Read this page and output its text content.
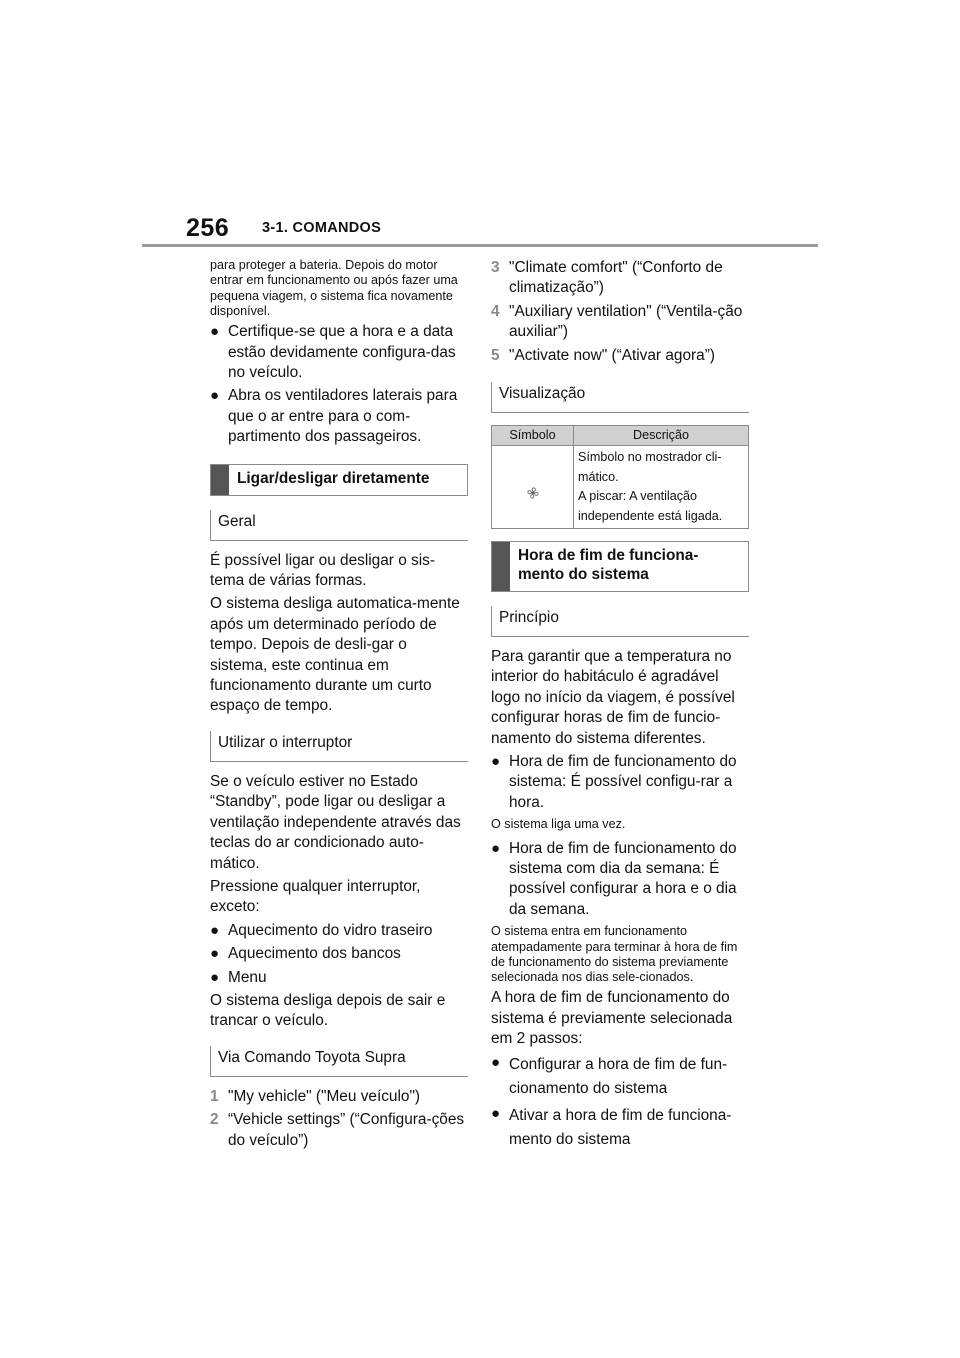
256 3-1. COMANDOS

para proteger a bateria. Depois do motor entrar em funcionamento ou após fazer uma pequena viagem, o sistema fica novamente disponível.

● Certifique-se que a hora e a data estão devidamente configura-das no veículo.
● Abra os ventiladores laterais para que o ar entre para o com-partimento dos passageiros.
Ligar/desligar diretamente
Geral

É possível ligar ou desligar o sis-tema de várias formas.

O sistema desliga automatica-mente após um determinado período de tempo. Depois de desli-gar o sistema, este continua em funcionamento durante um curto espaço de tempo.

Utilizar o interruptor

Se o veículo estiver no Estado “Standby”, pode ligar ou desligar a ventilação independente através das teclas do ar condicionado auto-mático.

Pressione qualquer interruptor, exceto:

● Aquecimento do vidro traseiro
● Aquecimento dos bancos
● Menu

O sistema desliga depois de sair e trancar o veículo.

Via Comando Toyota Supra
1 "My vehicle" ("Meu veículo")
2 “Vehicle settings” (“Configura-ções do veículo”)
3 "Climate comfort" (“Conforto de climatização”)
4 "Auxiliary ventilation" (“Ventila-ção auxiliar”)
5 "Activate now" (“Ativar agora”)
Visualização
Símbolo	Descrição

Símbolo no mostrador cli-mático.
A piscar: A ventilação independente está ligada.
Hora de fim de funciona-mento do sistema
Princípio

Para garantir que a temperatura no interior do habitáculo é agradável logo no início da viagem, é possível configurar horas de fim de funcio-namento do sistema diferentes.

● Hora de fim de funcionamento do sistema: É possível configu-rar a hora.

O sistema liga uma vez.

● Hora de fim de funcionamento do sistema com dia da semana: É possível configurar a hora e o dia da semana.

O sistema entra em funcionamento atempadamente para terminar à hora de fim de funcionamento do sistema previamente selecionada nos dias sele-cionados.

A hora de fim de funcionamento do sistema é previamente selecionada em 2 passos:

● Configurar a hora de fim de fun-cionamento do sistema
● Ativar a hora de fim de funciona-mento do sistema
